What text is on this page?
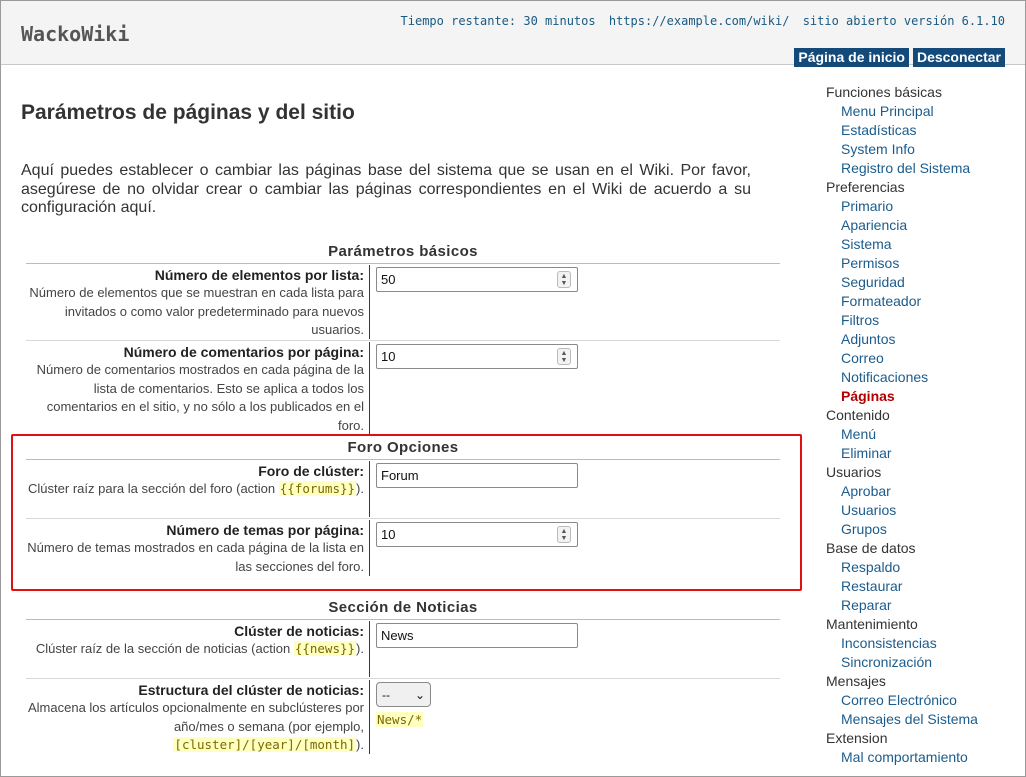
WackoWiki
Tiempo restante: 30 minutos https://example.com/wiki/ sitio abierto versión 6.1.10
Página de inicio Desconectar
Parámetros de páginas y del sitio

Aquí puedes establecer o cambiar las páginas base del sistema que se usan en el Wiki. Por favor, asegúrese de no olvidar crear o cambiar las páginas correspondientes en el Wiki de acuerdo a su configuración aquí.

Parámetros básicos
Número de elementos por lista:
Número de elementos que se muestran en cada lista para invitados o como valor predeterminado para nuevos usuarios.
50	▲
▼
Número de comentarios por página:
Número de comentarios mostrados en cada página de la lista de comentarios. Esto se aplica a todos los comentarios en el sitio, y no sólo a los publicados en el foro.
10	▲
▼
Foro Opciones
Foro de clúster:
Clúster raíz para la sección del foro (action {{forums}}).
Forum
Número de temas por página:
Número de temas mostrados en cada página de la lista en las secciones del foro.
10	▲
▼
Sección de Noticias
Clúster de noticias:
Clúster raíz de la sección de noticias (action {{news}}).
News
Estructura del clúster de noticias:
Almacena los artículos opcionalmente en subclústeres por año/mes o semana (por ejemplo, [cluster]/[year]/[month]).
-- ⌄
News/*
Funciones básicas
Menu Principal
Estadísticas
System Info
Registro del Sistema
Preferencias
Primario
Apariencia
Sistema
Permisos
Seguridad
Formateador
Filtros
Adjuntos
Correo
Notificaciones
Páginas
Contenido
Menú
Eliminar
Usuarios
Aprobar
Usuarios
Grupos
Base de datos
Respaldo
Restaurar
Reparar
Mantenimiento
Inconsistencias
Sincronización
Mensajes
Correo Electrónico
Mensajes del Sistema
Extension
Mal comportamiento
